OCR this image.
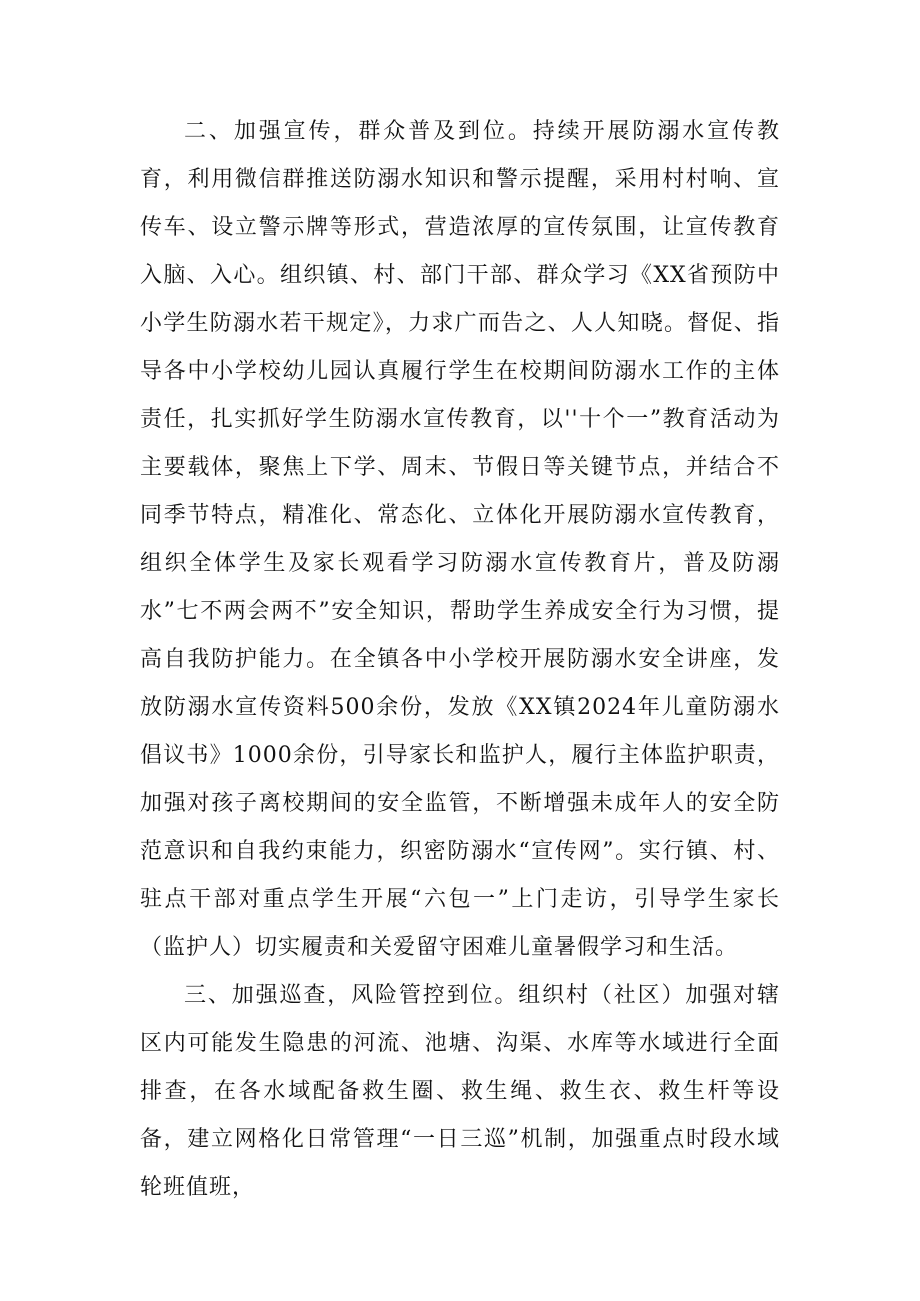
二、加强宣传，群众普及到位。持续开展防溺水宣传教育，利用微信群推送防溺水知识和警示提醒，采用村村响、宣传车、设立警示牌等形式，营造浓厚的宣传氛围，让宣传教育入脑、入心。组织镇、村、部门干部、群众学习《XX省预防中小学生防溺水若干规定》，力求广而告之、人人知晓。督促、指导各中小学校幼儿园认真履行学生在校期间防溺水工作的主体责任，扎实抓好学生防溺水宣传教育，以''十个一”教育活动为主要载体，聚焦上下学、周末、节假日等关键节点，并结合不同季节特点，精准化、常态化、立体化开展防溺水宣传教育，组织全体学生及家长观看学习防溺水宣传教育片，普及防溺水”七不两会两不”安全知识，帮助学生养成安全行为习惯，提高自我防护能力。在全镇各中小学校开展防溺水安全讲座，发放防溺水宣传资料500余份，发放《XX镇2024年儿童防溺水倡议书》1000余份，引导家长和监护人，履行主体监护职责，加强对孩子离校期间的安全监管，不断增强未成年人的安全防范意识和自我约束能力，织密防溺水“宣传网”。实行镇、村、驻点干部对重点学生开展“六包一”上门走访，引导学生家长（监护人）切实履责和关爱留守困难儿童暑假学习和生活。

三、加强巡查，风险管控到位。组织村（社区）加强对辖区内可能发生隐患的河流、池塘、沟渠、水库等水域进行全面排查，在各水域配备救生圈、救生绳、救生衣、救生杆等设备，建立网格化日常管理“一日三巡”机制，加强重点时段水域轮班值班，
